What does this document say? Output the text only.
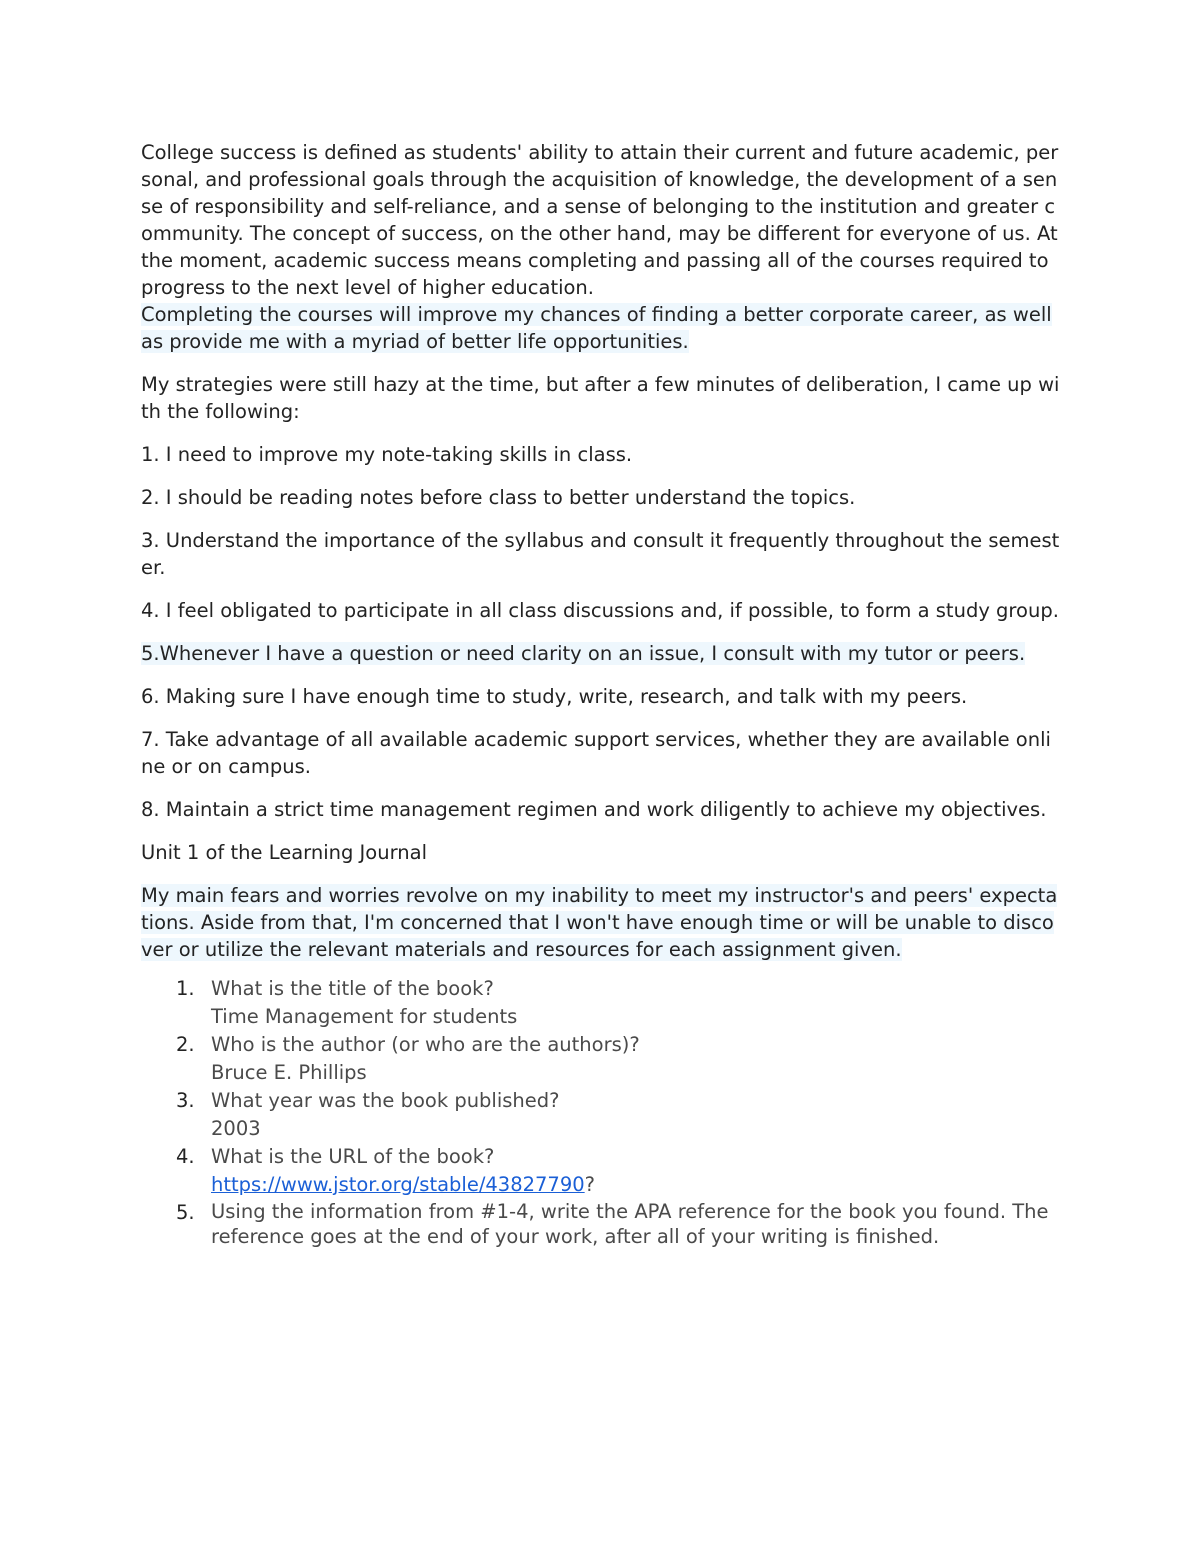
College success is defined as students' ability to attain their current and future academic, personal, and professional goals through the acquisition of knowledge, the development of a sense of responsibility and self-reliance, and a sense of belonging to the institution and greater community. The concept of success, on the other hand, may be different for everyone of us. At the moment, academic success means completing and passing all of the courses required to progress to the next level of higher education.

Completing the courses will improve my chances of finding a better corporate career, as well as provide me with a myriad of better life opportunities.

My strategies were still hazy at the time, but after a few minutes of deliberation, I came up with the following:

1. I need to improve my note-taking skills in class.

2. I should be reading notes before class to better understand the topics.

3. Understand the importance of the syllabus and consult it frequently throughout the semester.

4. I feel obligated to participate in all class discussions and, if possible, to form a study group.

5.Whenever I have a question or need clarity on an issue, I consult with my tutor or peers.

6. Making sure I have enough time to study, write, research, and talk with my peers.

7. Take advantage of all available academic support services, whether they are available online or on campus.

8. Maintain a strict time management regimen and work diligently to achieve my objectives.

Unit 1 of the Learning Journal

My main fears and worries revolve on my inability to meet my instructor's and peers' expectations. Aside from that, I'm concerned that I won't have enough time or will be unable to discover or utilize the relevant materials and resources for each assignment given.

1. What is the title of the book?
Time Management for students
2. Who is the author (or who are the authors)?
Bruce E. Phillips
3. What year was the book published?
2003
4. What is the URL of the book?
https://www.jstor.org/stable/43827790?
5. Using the information from #1-4, write the APA reference for the book you found. The reference goes at the end of your work, after all of your writing is finished.
